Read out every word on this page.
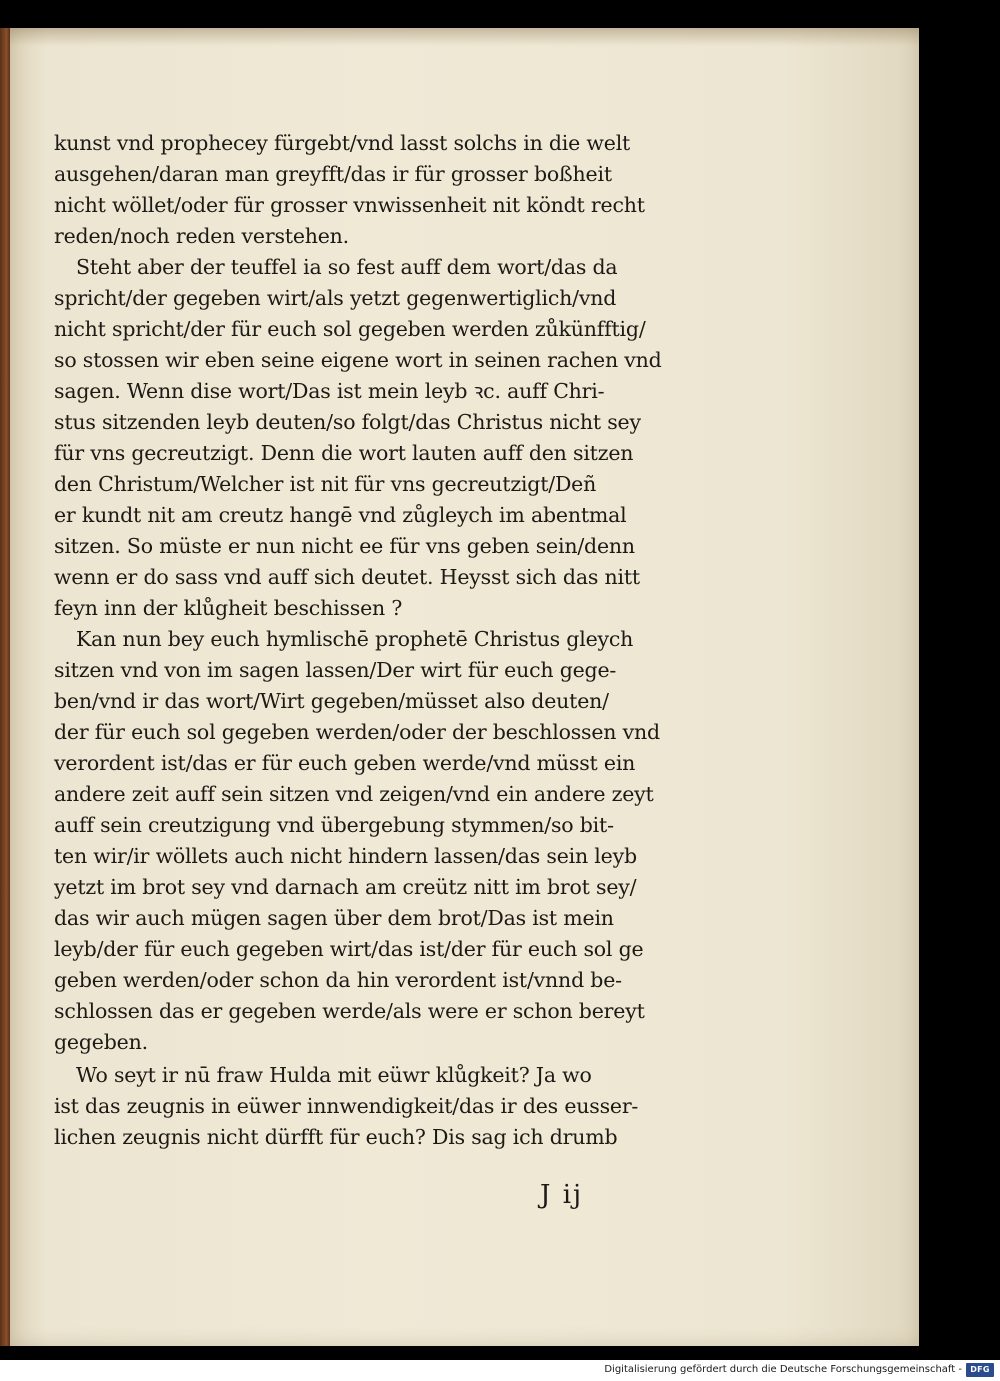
kunst vnd prophecey fürgebt/vnd lasst solchs in die welt
ausgehen/daran man greyfft/das ir für grosser boßheit
nicht wöllet/oder für grosser vnwissenheit nit köndt recht
reden/noch reden verstehen.
Steht aber der teuffel ia so fest auff dem wort/das da
spricht/der gegeben wirt/als yetzt gegenwertiglich/vnd
nicht spricht/der für euch sol gegeben werden zůkünfftig/
so stossen wir eben seine eigene wort in seinen rachen vnd
sagen. Wenn dise wort/Das ist mein leyb ꝛc. auff Chri-
stus sitzenden leyb deuten/so folgt/das Christus nicht sey
für vns gecreutzigt. Denn die wort lauten auff den sitzen
den Christum/Welcher ist nit für vns gecreutzigt/Deñ
er kundt nit am creutz hangē vnd zůgleych im abentmal
sitzen. So müste er nun nicht ee für vns geben sein/denn
wenn er do sass vnd auff sich deutet. Heysst sich das nitt
feyn inn der klůgheit beschissen ?
Kan nun bey euch hymlischē prophetē Christus gleych
sitzen vnd von im sagen lassen/Der wirt für euch gege-
ben/vnd ir das wort/Wirt gegeben/müsset also deuten/
der für euch sol gegeben werden/oder der beschlossen vnd
verordent ist/das er für euch geben werde/vnd müsst ein
andere zeit auff sein sitzen vnd zeigen/vnd ein andere zeyt
auff sein creutzigung vnd übergebung stymmen/so bit-
ten wir/ir wöllets auch nicht hindern lassen/das sein leyb
yetzt im brot sey vnd darnach am creütz nitt im brot sey/
das wir auch mügen sagen über dem brot/Das ist mein
leyb/der für euch gegeben wirt/das ist/der für euch sol ge
geben werden/oder schon da hin verordent ist/vnnd be-
schlossen das er gegeben werde/als were er schon bereyt
gegeben.
Wo seyt ir nū fraw Hulda mit eüwr klůgkeit? Ja wo
ist das zeugnis in eüwer innwendigkeit/das ir des eusser-
lichen zeugnis nicht dürfft für euch? Dis sag ich drumb
J ij
Digitalisierung gefördert durch die Deutsche Forschungsgemeinschaft -	DFG
